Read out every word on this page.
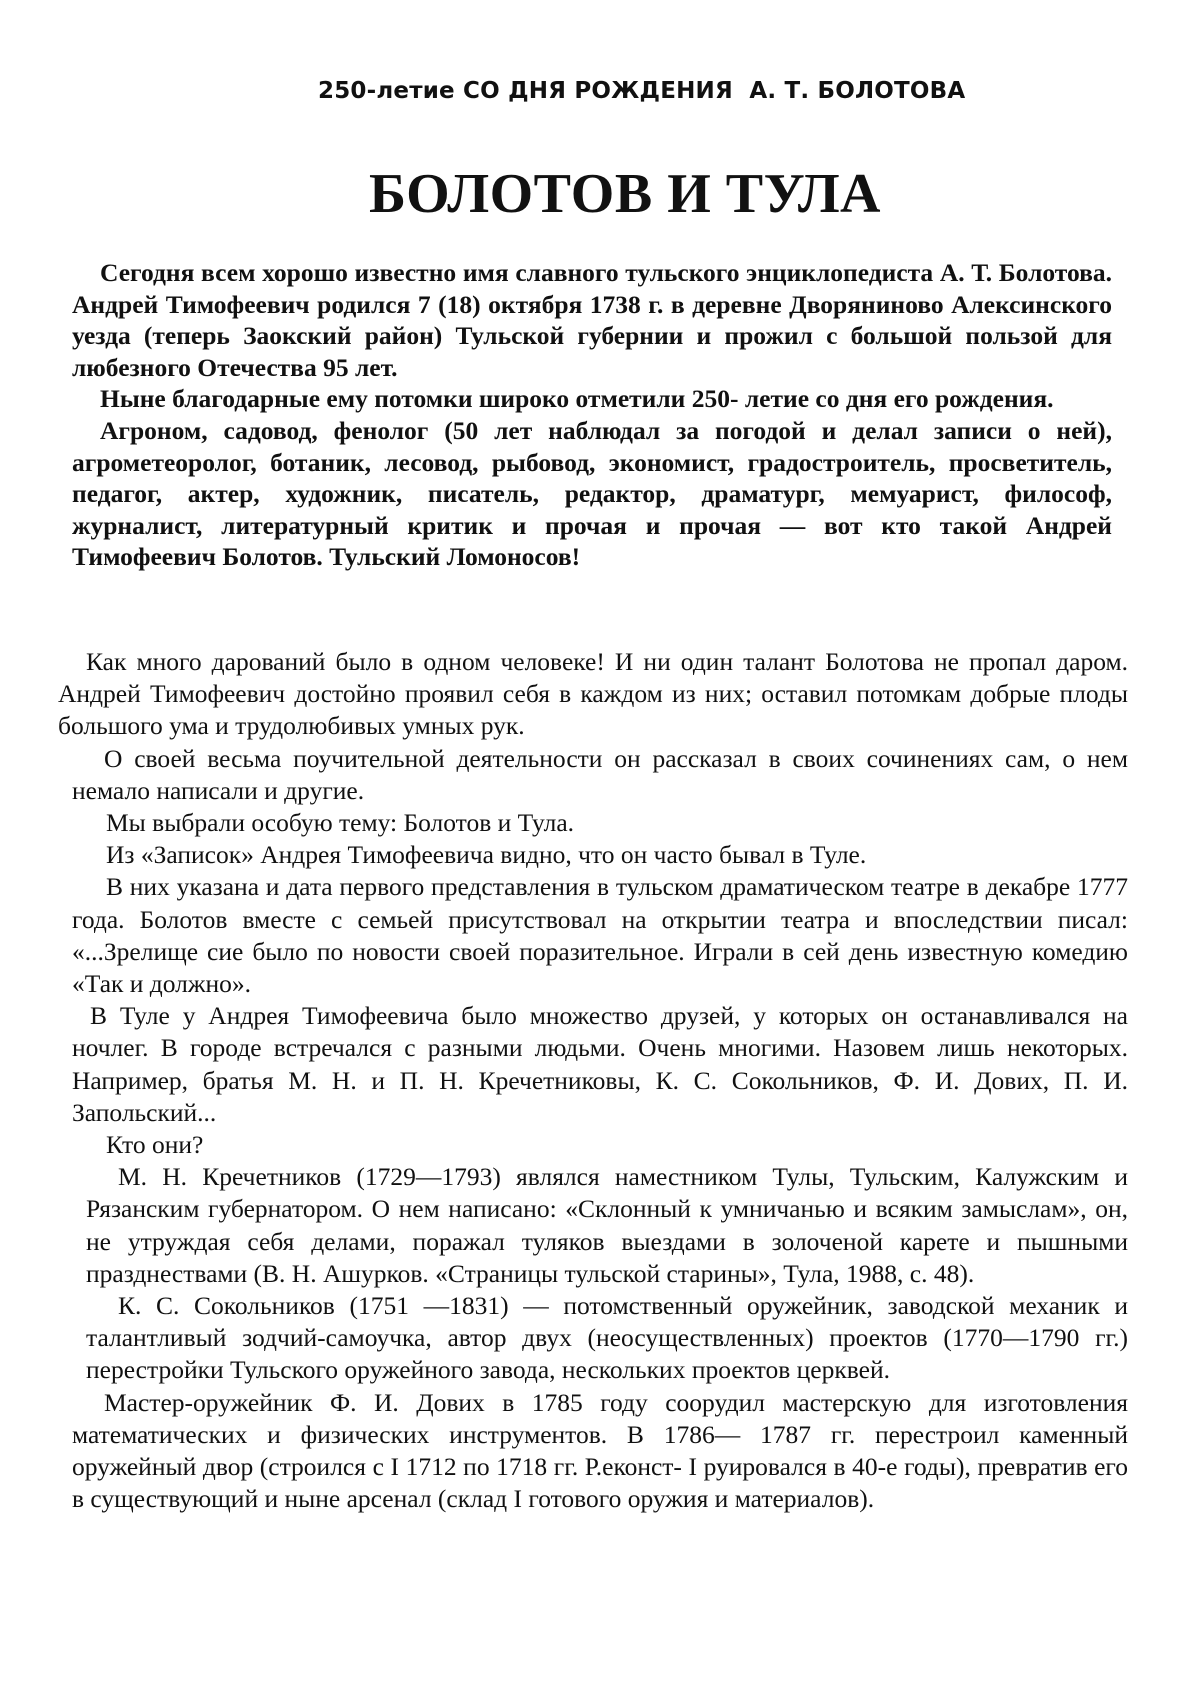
250-летие СО ДНЯ РОЖДЕНИЯ  А. Т. БОЛОТОВА
БОЛОТОВ И ТУЛА

Сегодня всем хорошо известно имя славного тульского энциклопедиста А. Т. Болотова. Андрей Тимофеевич родился 7 (18) октября 1738 г. в деревне Дворяниново Алексинского уезда (теперь Заокский район) Тульской губернии и прожил с большой пользой для любезного Отечества 95 лет.

Ныне благодарные ему потомки широко отметили 250- летие со дня его рождения.

Агроном, садовод, фенолог (50 лет наблюдал за погодой и делал записи о ней), агрометеоролог, ботаник, лесовод, рыбовод, экономист, градостроитель, просветитель, педагог, актер, художник, писатель, редактор, драматург, мемуарист, философ, журналист, литературный критик и прочая и прочая — вот кто такой Андрей Тимофеевич Болотов. Тульский Ломоносов!

Как много дарований было в одном человеке! И ни один талант Болотова не пропал даром. Андрей Тимофеевич достойно проявил себя в каждом из них; оставил потомкам добрые плоды большого ума и трудолюбивых умных рук.

О своей весьма поучительной деятельности он рассказал в своих сочинениях сам, о нем немало написали и другие.

Мы выбрали особую тему: Болотов и Тула.

Из «Записок» Андрея Тимофеевича видно, что он часто бывал в Туле.

В них указана и дата первого представления в тульском драматическом театре в декабре 1777 года. Болотов вместе с семьей присутствовал на открытии театра и впоследствии писал: «...Зрелище сие было по новости своей поразительное. Играли в сей день известную комедию «Так и должно».

В Туле у Андрея Тимофеевича было множество друзей, у которых он останавливался на ночлег. В городе встречался с разными людьми. Очень многими. Назовем лишь некоторых. Например, братья М. Н. и П. Н. Кречетниковы, К. С. Сокольников, Ф. И. Дових, П. И. Запольский...

Кто они?

М. Н. Кречетников (1729—1793) являлся наместником Тулы, Тульским, Калужским и Рязанским губернатором. О нем написано: «Склонный к умничанью и всяким замыслам», он, не утруждая себя делами, поражал туляков выездами в золоченой карете и пышными празднествами (В. Н. Ашурков. «Страницы тульской старины», Тула, 1988, с. 48).

К. С. Сокольников (1751 —1831) — потомственный оружейник, заводской механик и талантливый зодчий-самоучка, автор двух (неосуществленных) проектов (1770—1790 гг.) перестройки Тульского оружейного завода, нескольких проектов церквей.

Мастер-оружейник Ф. И. Дових в 1785 году соорудил мастерскую для изготовления математических и физических инструментов. В 1786— 1787 гг. перестроил каменный оружейный двор (строился с I 1712 по 1718 гг. Р.еконст- I руировался в 40-е годы), превратив его в существующий и ныне арсенал (склад I готового оружия и материалов).
